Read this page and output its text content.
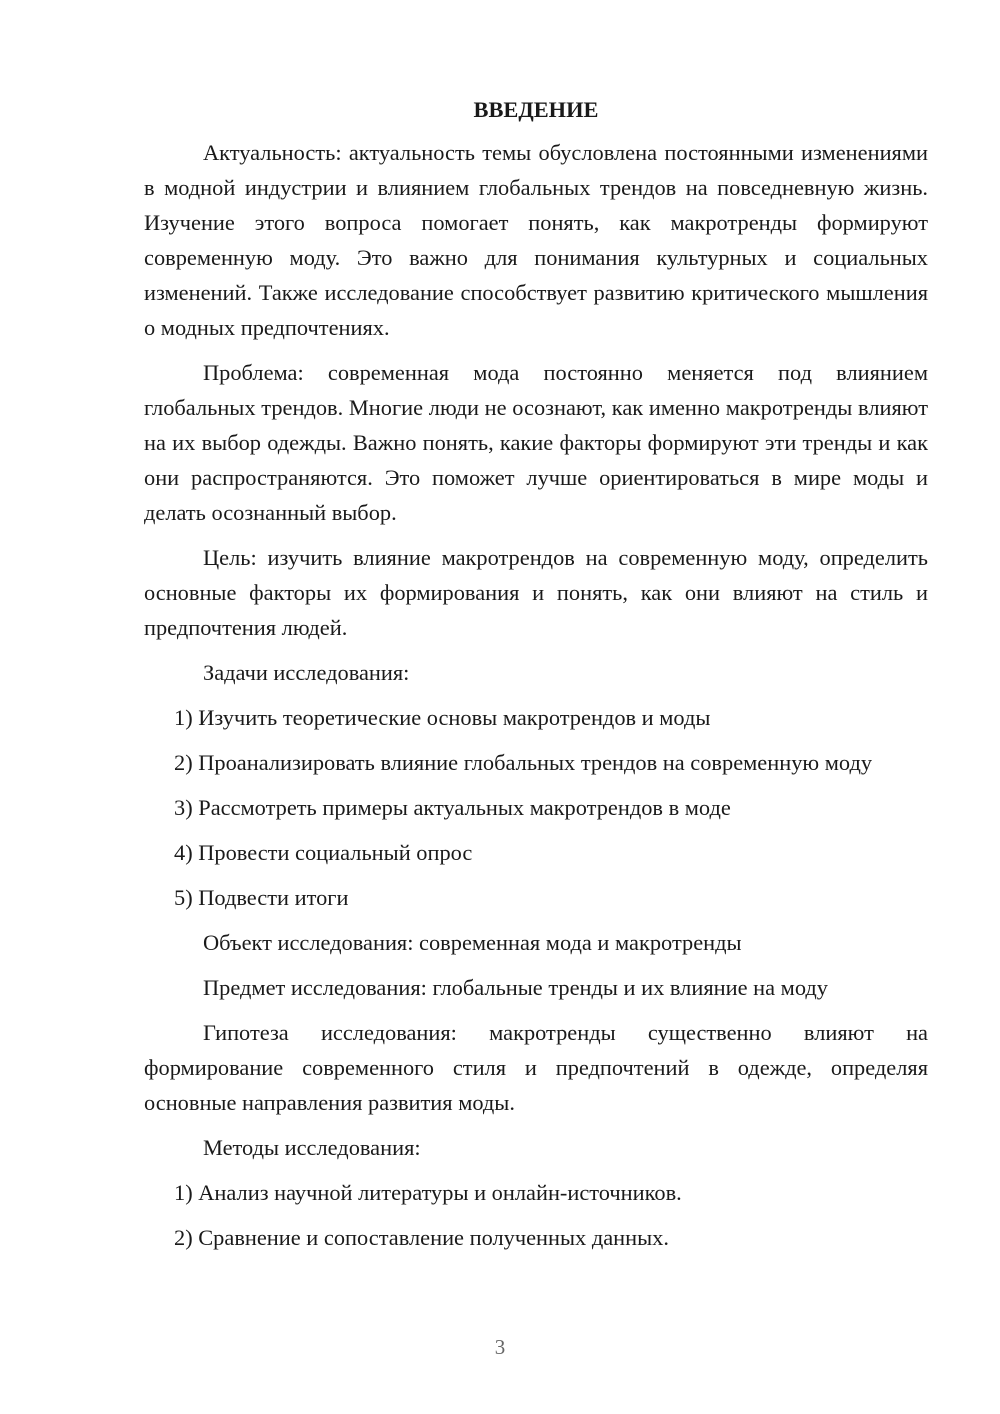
ВВЕДЕНИЕ

Актуальность: актуальность темы обусловлена постоянными изменениями в модной индустрии и влиянием глобальных трендов на повседневную жизнь. Изучение этого вопроса помогает понять, как макротренды формируют современную моду. Это важно для понимания культурных и социальных изменений. Также исследование способствует развитию критического мышления о модных предпочтениях.

Проблема: современная мода постоянно меняется под влиянием глобальных трендов. Многие люди не осознают, как именно макротренды влияют на их выбор одежды. Важно понять, какие факторы формируют эти тренды и как они распространяются. Это поможет лучше ориентироваться в мире моды и делать осознанный выбор.

Цель: изучить влияние макротрендов на современную моду, определить основные факторы их формирования и понять, как они влияют на стиль и предпочтения людей.

Задачи исследования:

1) Изучить теоретические основы макротрендов и моды

2) Проанализировать влияние глобальных трендов на современную моду

3) Рассмотреть примеры актуальных макротрендов в моде

4) Провести социальный опрос

5) Подвести итоги

Объект исследования: современная мода и макротренды

Предмет исследования: глобальные тренды и их влияние на моду

Гипотеза исследования: макротренды существенно влияют на формирование современного стиля и предпочтений в одежде, определяя основные направления развития моды.

Методы исследования:

1) Анализ научной литературы и онлайн-источников.

2) Сравнение и сопоставление полученных данных.

3
